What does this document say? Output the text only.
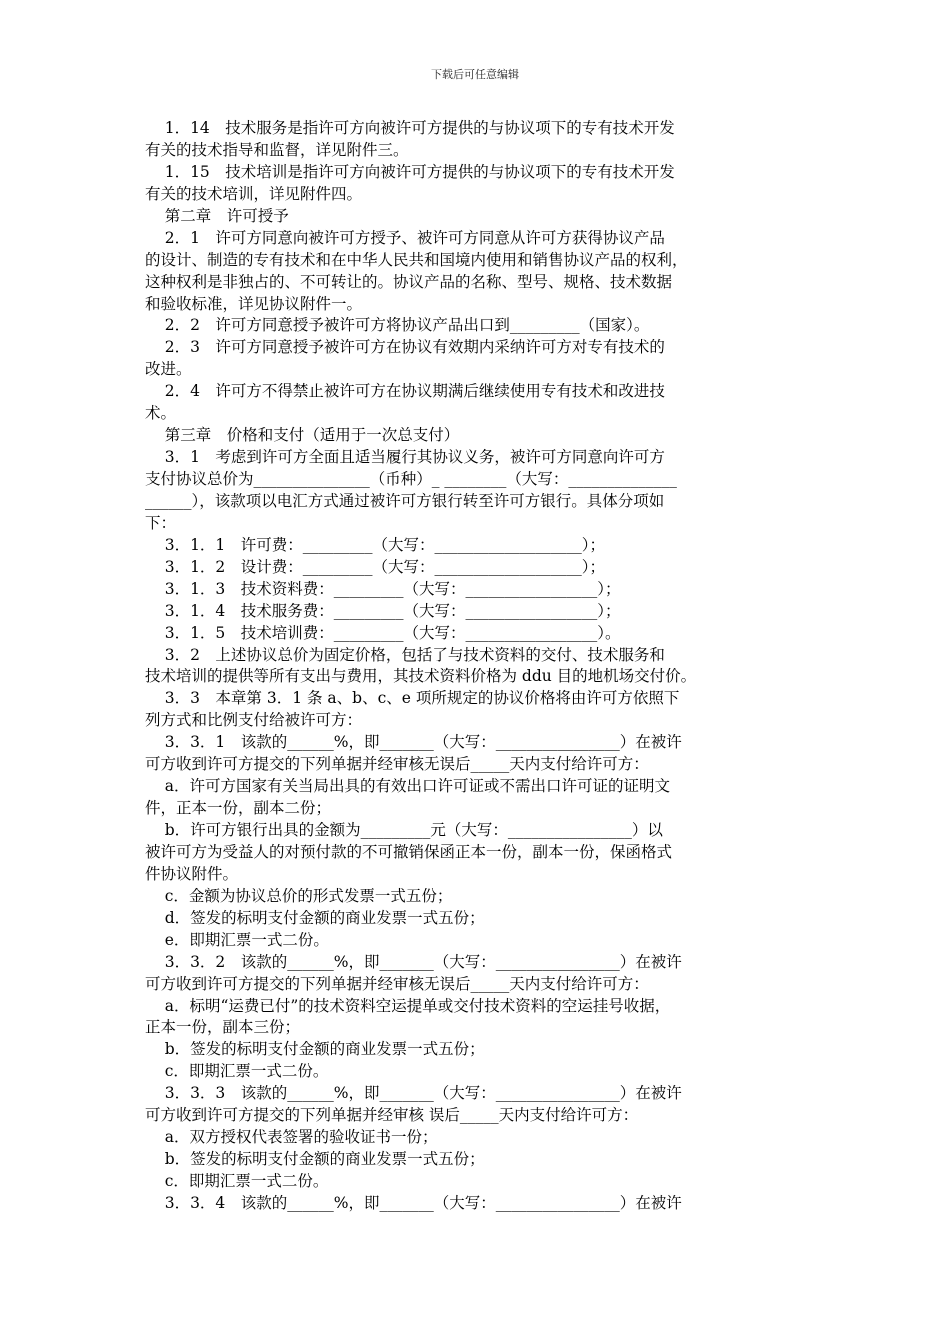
下载后可任意编辑
1．14　技术服务是指许可方向被许可方提供的与协议项下的专有技术开发
有关的技术指导和监督，详见附件三。
1．15　技术培训是指许可方向被许可方提供的与协议项下的专有技术开发
有关的技术培训，详见附件四。
第二章　许可授予
2．1　许可方同意向被许可方授予、被许可方同意从许可方获得协议产品
的设计、制造的专有技术和在中华人民共和国境内使用和销售协议产品的权利，
这种权利是非独占的、不可转让的。协议产品的名称、型号、规格、技术数据
和验收标准，详见协议附件一。
2．2　许可方同意授予被许可方将协议产品出口到_________（国家）。
2．3　许可方同意授予被许可方在协议有效期内采纳许可方对专有技术的
改进。
2．4　许可方不得禁止被许可方在协议期满后继续使用专有技术和改进技
术。
第三章　价格和支付（适用于一次总支付）
3．1　考虑到许可方全面且适当履行其协议义务，被许可方同意向许可方
支付协议总价为_______________（币种）_ ________（大写：______________
______），该款项以电汇方式通过被许可方银行转至许可方银行。具体分项如
下：
3．1．1　许可费：_________（大写：___________________）；
3．1．2　设计费：_________（大写：___________________）；
3．1．3　技术资料费：_________（大写：_________________）；
3．1．4　技术服务费：_________（大写：_________________）；
3．1．5　技术培训费：_________（大写：_________________）。
3．2　上述协议总价为固定价格，包括了与技术资料的交付、技术服务和
技术培训的提供等所有支出与费用，其技术资料价格为 ddu 目的地机场交付价。
3．3　本章第 3．1 条 a、b、c、e 项所规定的协议价格将由许可方依照下
列方式和比例支付给被许可方：
3．3．1　该款的______%，即_______（大写：________________）在被许
可方收到许可方提交的下列单据并经审核无误后_____天内支付给许可方：
a．许可方国家有关当局出具的有效出口许可证或不需出口许可证的证明文
件，正本一份，副本二份；
b．许可方银行出具的金额为_________元（大写：________________）以
被许可方为受益人的对预付款的不可撤销保函正本一份，副本一份，保函格式
件协议附件。
c．金额为协议总价的形式发票一式五份；
d．签发的标明支付金额的商业发票一式五份；
e．即期汇票一式二份。
3．3．2　该款的______%，即_______（大写：________________）在被许
可方收到许可方提交的下列单据并经审核无误后_____天内支付给许可方：
a．标明“运费已付”的技术资料空运提单或交付技术资料的空运挂号收据，
正本一份，副本三份；
b．签发的标明支付金额的商业发票一式五份；
c．即期汇票一式二份。
3．3．3　该款的______%，即_______（大写：________________）在被许
可方收到许可方提交的下列单据并经审核 误后_____天内支付给许可方：
a．双方授权代表签署的验收证书一份；
b．签发的标明支付金额的商业发票一式五份；
c．即期汇票一式二份。
3．3．4　该款的______%，即_______（大写：________________）在被许
